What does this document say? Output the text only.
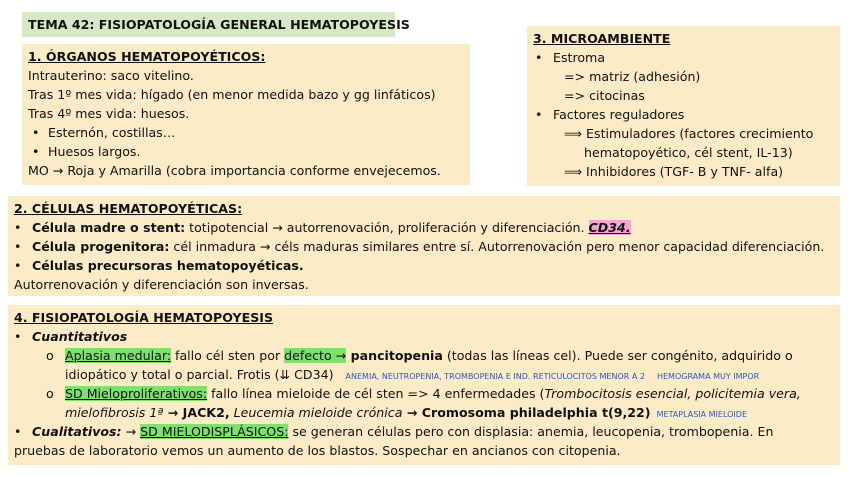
TEMA 42: FISIOPATOLOGÍA GENERAL HEMATOPOYESIS
1. ÓRGANOS HEMATOPOYÉTICOS:
Intrauterino: saco vitelino.
Tras 1º mes vida: hígado (en menor medida bazo y gg linfáticos)
Tras 4º mes vida: huesos.
• Esternón, costillas…
• Huesos largos.
MO → Roja y Amarilla (cobra importancia conforme envejecemos.
3. MICROAMBIENTE
• Estroma
=> matriz (adhesión)
=> citocinas
• Factores reguladores
⟹ Estimuladores (factores crecimiento
hematopoyético, cél stent, IL-13)
⟹ Inhibidores (TGF- B y TNF- alfa)
2. CÉLULAS HEMATOPOYÉTICAS:
• Célula madre o stent: totipotencial → autorrenovación, proliferación y diferenciación. CD34.
• Célula progenitora: cél inmadura → céls maduras similares entre sí. Autorrenovación pero menor capacidad diferenciación.
• Células precursoras hematopoyéticas.
Autorrenovación y diferenciación son inversas.
4. FISIOPATOLOGÍA HEMATOPOYESIS
• Cuantitativos
o Aplasia medular: fallo cél sten por defecto → pancitopenia (todas las líneas cel). Puede ser congénito, adquirido o
idiopático y total o parcial. Frotis (⇊ CD34) ANEMIA, NEUTROPENIA, TROMBOPENIA E IND. RETICULOCITOS MENOR A 2 HEMOGRAMA MUY IMPOR
o SD Mieloproliferativos: fallo línea mieloide de cél sten => 4 enfermedades (Trombocitosis esencial, policitemia vera,
mielofibrosis 1ª → JACK2, Leucemia mieloide crónica → Cromosoma philadelphia t(9,22) METAPLASIA MIELOIDE
• Cualitativos: → SD MIELODISPLÁSICOS: se generan células pero con displasia: anemia, leucopenia, trombopenia. En
pruebas de laboratorio vemos un aumento de los blastos. Sospechar en ancianos con citopenia.
